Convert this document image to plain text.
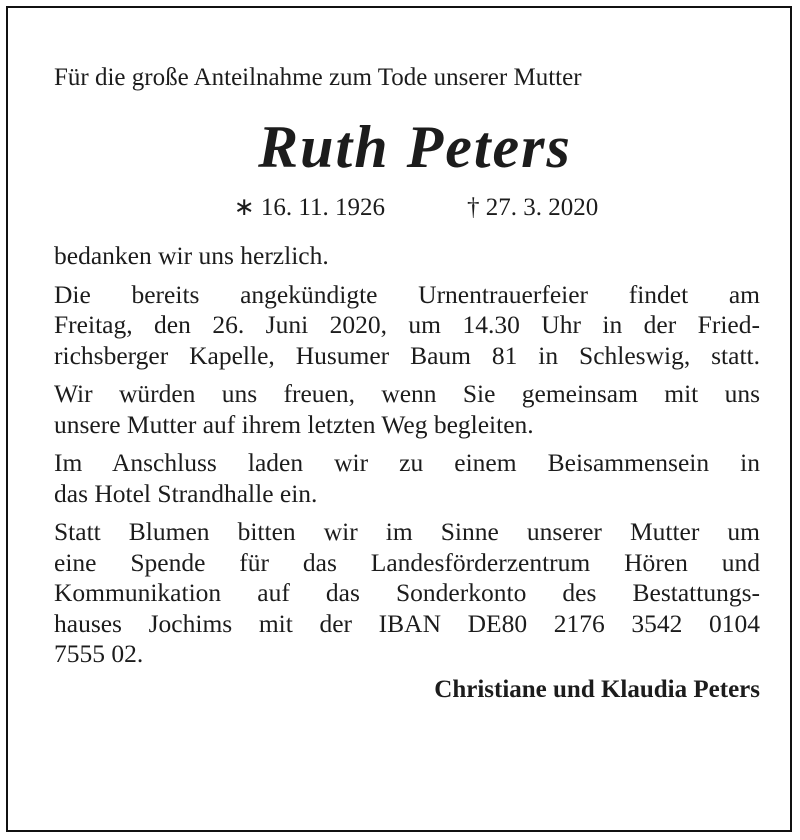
Für die große Anteilnahme zum Tode unserer Mutter

Ruth Peters
∗ 16. 11. 1926	† 27. 3. 2020

bedanken wir uns herzlich.

Die bereits angekündigte Urnentrauerfeier findet am
Freitag, den 26. Juni 2020, um 14.30 Uhr in der Fried-
richsberger Kapelle, Husumer Baum 81 in Schleswig, statt.

Wir würden uns freuen, wenn Sie gemeinsam mit uns
unsere Mutter auf ihrem letzten Weg begleiten.

Im Anschluss laden wir zu einem Beisammensein in
das Hotel Strandhalle ein.

Statt Blumen bitten wir im Sinne unserer Mutter um
eine Spende für das Landesförderzentrum Hören und
Kommunikation auf das Sonderkonto des Bestattungs-
hauses Jochims mit der IBAN DE80 2176 3542 0104
7555 02.

Christiane und Klaudia Peters
